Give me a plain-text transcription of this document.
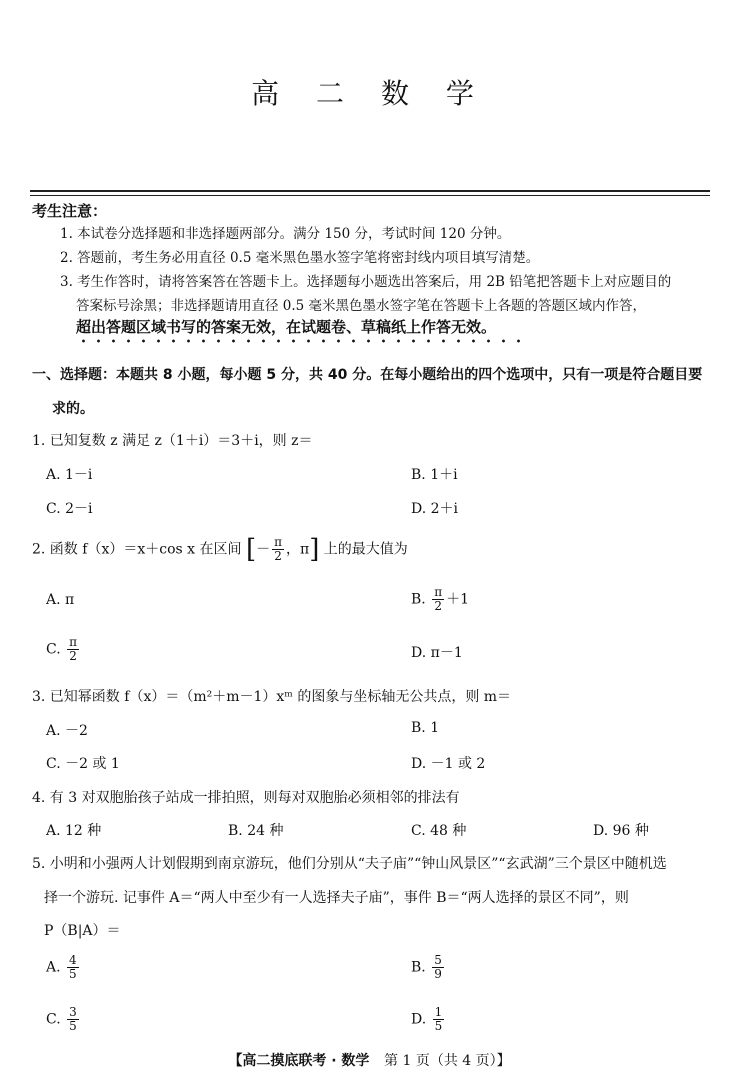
高 二 数 学
考生注意：
1. 本试卷分选择题和非选择题两部分。满分 150 分，考试时间 120 分钟。
2. 答题前，考生务必用直径 0.5 毫米黑色墨水签字笔将密封线内项目填写清楚。
3. 考生作答时，请将答案答在答题卡上。选择题每小题选出答案后，用 2B 铅笔把答题卡上对应题目的
答案标号涂黑；非选择题请用直径 0.5 毫米黑色墨水签字笔在答题卡上各题的答题区域内作答，
超出答题区域书写的答案无效，在试题卷、草稿纸上作答无效。
一、选择题：本题共 8 小题，每小题 5 分，共 40 分。在每小题给出的四个选项中，只有一项是符合题目要
求的。
1. 已知复数 z 满足 z（1＋i）＝3＋i，则 z＝
A. 1－i	B. 1＋i
C. 2－i	D. 2＋i
2. 函数 f（x）＝x＋cos x 在区间 [－ $\frac{\pi}{2}$ ，π] 上的最大值为
A. π	B. $\frac{\pi}{2} +1$
C. $\frac{\pi}{2}$	D. π－1
3. 已知幂函数 f（x）＝（m²＋m－1）xᵐ 的图象与坐标轴无公共点，则 m＝
A. －2	B. 1
C. －2 或 1	D. －1 或 2
4. 有 3 对双胞胎孩子站成一排拍照，则每对双胞胎必须相邻的排法有
A. 12 种	B. 24 种	C. 48 种	D. 96 种
5. 小明和小强两人计划假期到南京游玩，他们分别从“夫子庙”“钟山风景区”“玄武湖”三个景区中随机选
择一个游玩. 记事件 A＝“两人中至少有一人选择夫子庙”，事件 B＝“两人选择的景区不同”，则
P（B|A）＝
A. $\frac{4}{5}$	B. $\frac{5}{9}$
C. $\frac{3}{5}$	D. $\frac{1}{5}$
【高二摸底联考 · 数学 第 1 页（共 4 页）】
